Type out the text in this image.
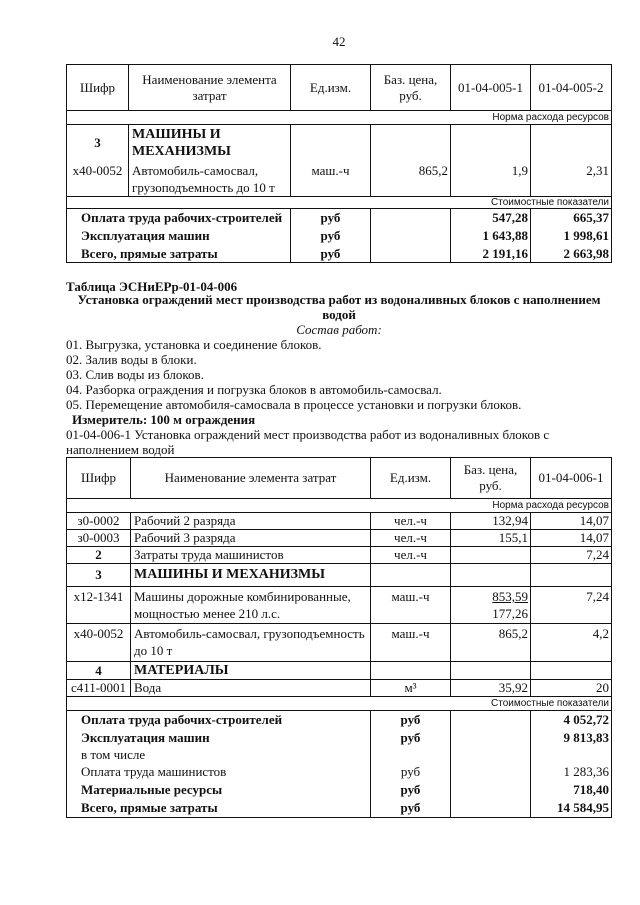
42
Шифр	Наименование элемента затрат	Ед.изм.	Баз. цена, руб.	01-04-005-1	01-04-005-2
Норма расхода ресурсов					
3	МАШИНЫ И МЕХАНИЗМЫ				
х40-0052	Автомобиль-самосвал, грузоподъемность до 10 т	маш.-ч	865,2	1,9	2,31
Стоимостные показатели					
Оплата труда рабочих-строителей		руб		547,28	665,37
Эксплуатация машин		руб		1 643,88	1 998,61
Всего, прямые затраты		руб		2 191,16	2 663,98
Таблица ЭСНиЕРр-01-04-006
Установка ограждений мест производства работ из водоналивных блоков с наполнением водой
Состав работ:
01. Выгрузка, установка и соединение блоков.
02. Залив воды в блоки.
03. Слив воды из блоков.
04. Разборка ограждения и погрузка блоков в автомобиль-самосвал.
05. Перемещение автомобиля-самосвала в процессе установки и погрузки блоков.
Измеритель: 100 м ограждения
01-04-006-1 Установка ограждений мест производства работ из водоналивных блоков с наполнением водой
Шифр	Наименование элемента затрат	Ед.изм.	Баз. цена, руб.	01-04-006-1
Норма расхода ресурсов				
з0-0002	Рабочий 2 разряда	чел.-ч	132,94	14,07
з0-0003	Рабочий 3 разряда	чел.-ч	155,1	14,07
2	Затраты труда машинистов	чел.-ч		7,24
3	МАШИНЫ И МЕХАНИЗМЫ			
х12-1341	Машины дорожные комбинированные, мощностью менее 210 л.с.	маш.-ч	853,59
177,26	7,24
х40-0052	Автомобиль-самосвал, грузоподъемность до 10 т	маш.-ч	865,2	4,2
4	МАТЕРИАЛЫ			
с411-0001	Вода	м³	35,92	20
Стоимостные показатели				
Оплата труда рабочих-строителей		руб		4 052,72
Эксплуатация машин		руб		9 813,83
в том числе				
Оплата труда машинистов		руб		1 283,36
Материальные ресурсы		руб		718,40
Всего, прямые затраты		руб		14 584,95
